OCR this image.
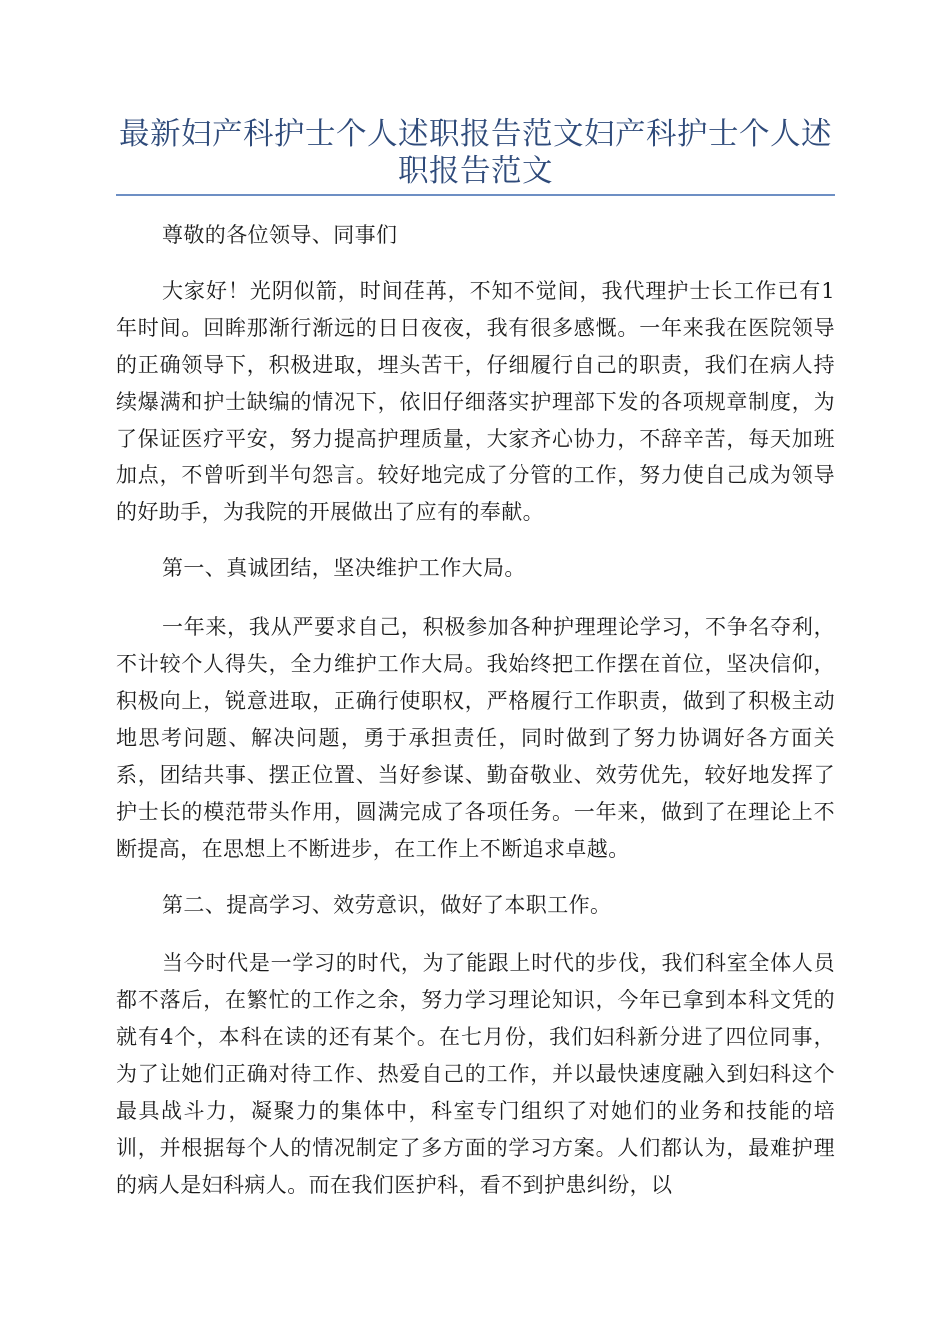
最新妇产科护士个人述职报告范文妇产科护士个人述职报告范文

尊敬的各位领导、同事们

大家好！光阴似箭，时间荏苒，不知不觉间，我代理护士长工作已有1年时间。回眸那渐行渐远的日日夜夜，我有很多感慨。一年来我在医院领导的正确领导下，积极进取，埋头苦干，仔细履行自己的职责，我们在病人持续爆满和护士缺编的情况下，依旧仔细落实护理部下发的各项规章制度，为了保证医疗平安，努力提高护理质量，大家齐心协力，不辞辛苦，每天加班加点，不曾听到半句怨言。较好地完成了分管的工作，努力使自己成为领导的好助手，为我院的开展做出了应有的奉献。

第一、真诚团结，坚决维护工作大局。

一年来，我从严要求自己，积极参加各种护理理论学习，不争名夺利，不计较个人得失，全力维护工作大局。我始终把工作摆在首位，坚决信仰，积极向上，锐意进取，正确行使职权，严格履行工作职责，做到了积极主动地思考问题、解决问题，勇于承担责任，同时做到了努力协调好各方面关系，团结共事、摆正位置、当好参谋、勤奋敬业、效劳优先，较好地发挥了护士长的模范带头作用，圆满完成了各项任务。一年来，做到了在理论上不断提高，在思想上不断进步，在工作上不断追求卓越。

第二、提高学习、效劳意识，做好了本职工作。

当今时代是一学习的时代，为了能跟上时代的步伐，我们科室全体人员都不落后，在繁忙的工作之余，努力学习理论知识，今年已拿到本科文凭的就有4个，本科在读的还有某个。在七月份，我们妇科新分进了四位同事，为了让她们正确对待工作、热爱自己的工作，并以最快速度融入到妇科这个最具战斗力，凝聚力的集体中，科室专门组织了对她们的业务和技能的培训，并根据每个人的情况制定了多方面的学习方案。人们都认为，最难护理的病人是妇科病人。而在我们医护科，看不到护患纠纷，以
